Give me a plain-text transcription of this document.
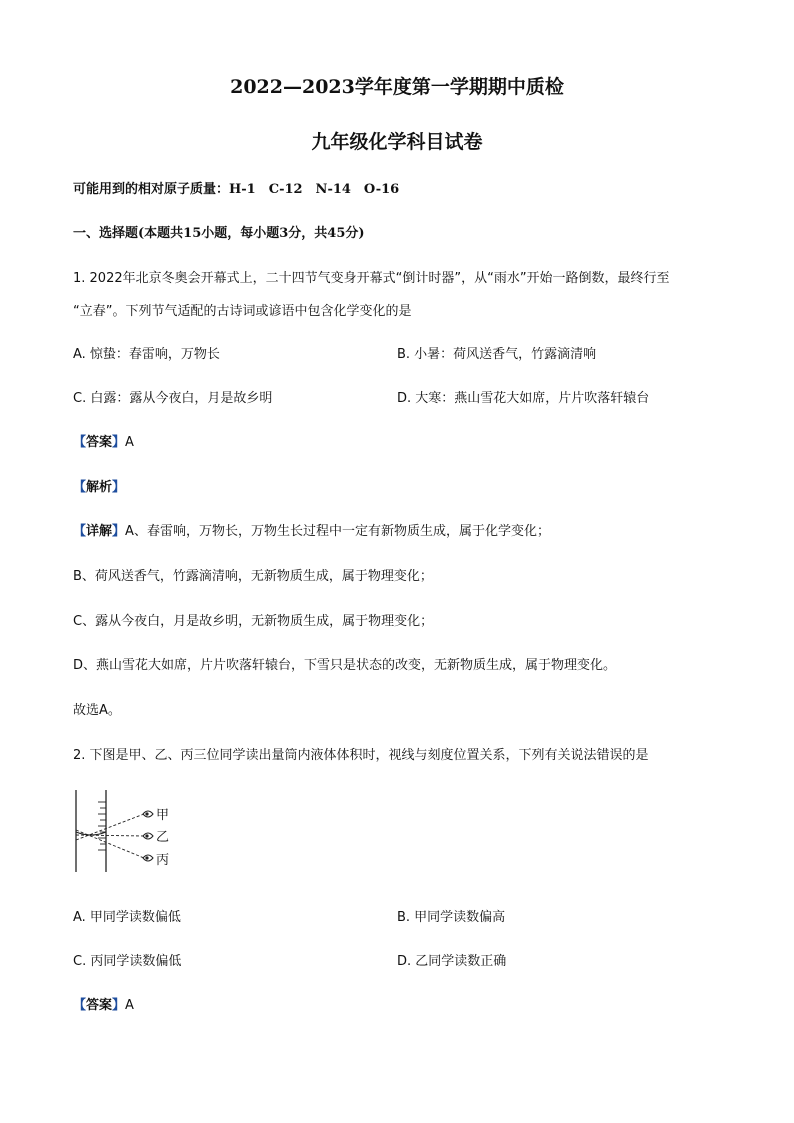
2022—2023学年度第一学期期中质检
九年级化学科目试卷
可能用到的相对原子质量：H-1　C-12　N-14　O-16
一、选择题(本题共15小题，每小题3分，共45分)
1. 2022年北京冬奥会开幕式上，二十四节气变身开幕式“倒计时器”，从“雨水”开始一路倒数，最终行至
“立春”。下列节气适配的古诗词或谚语中包含化学变化的是
A. 惊蛰：春雷响，万物长	B. 小暑：荷风送香气，竹露滴清响
C. 白露：露从今夜白，月是故乡明	D. 大寒：燕山雪花大如席，片片吹落轩辕台
【答案】A
【解析】
【详解】A、春雷响，万物长，万物生长过程中一定有新物质生成，属于化学变化；
B、荷风送香气，竹露滴清响，无新物质生成，属于物理变化；
C、露从今夜白，月是故乡明，无新物质生成，属于物理变化；
D、燕山雪花大如席，片片吹落轩辕台，下雪只是状态的改变，无新物质生成，属于物理变化。
故选A。
2. 下图是甲、乙、丙三位同学读出量筒内液体体积时，视线与刻度位置关系，下列有关说法错误的是
甲
乙
丙
A. 甲同学读数偏低	B. 甲同学读数偏高
C. 丙同学读数偏低	D. 乙同学读数正确
【答案】A
